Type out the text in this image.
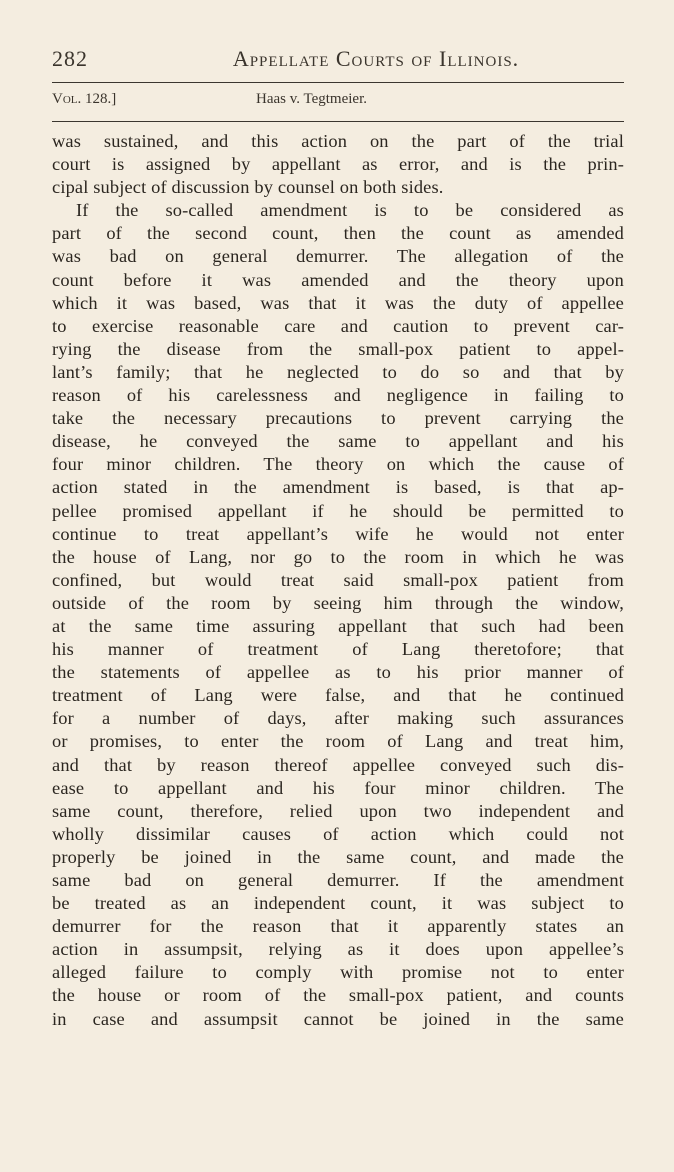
282	Appellate Courts of Illinois.
Vol. 128.]	Haas v. Tegtmeier.
was sustained, and this action on the part of the trial
court is assigned by appellant as error, and is the prin-
cipal subject of discussion by counsel on both sides.
If the so-called amendment is to be considered as
part of the second count, then the count as amended
was bad on general demurrer. The allegation of the
count before it was amended and the theory upon
which it was based, was that it was the duty of appellee
to exercise reasonable care and caution to prevent car-
rying the disease from the small-pox patient to appel-
lant’s family; that he neglected to do so and that by
reason of his carelessness and negligence in failing to
take the necessary precautions to prevent carrying the
disease, he conveyed the same to appellant and his
four minor children. The theory on which the cause of
action stated in the amendment is based, is that ap-
pellee promised appellant if he should be permitted to
continue to treat appellant’s wife he would not enter
the house of Lang, nor go to the room in which he was
confined, but would treat said small-pox patient from
outside of the room by seeing him through the window,
at the same time assuring appellant that such had been
his manner of treatment of Lang theretofore; that
the statements of appellee as to his prior manner of
treatment of Lang were false, and that he continued
for a number of days, after making such assurances
or promises, to enter the room of Lang and treat him,
and that by reason thereof appellee conveyed such dis-
ease to appellant and his four minor children. The
same count, therefore, relied upon two independent and
wholly dissimilar causes of action which could not
properly be joined in the same count, and made the
same bad on general demurrer. If the amendment
be treated as an independent count, it was subject to
demurrer for the reason that it apparently states an
action in assumpsit, relying as it does upon appellee’s
alleged failure to comply with promise not to enter
the house or room of the small-pox patient, and counts
in case and assumpsit cannot be joined in the same
